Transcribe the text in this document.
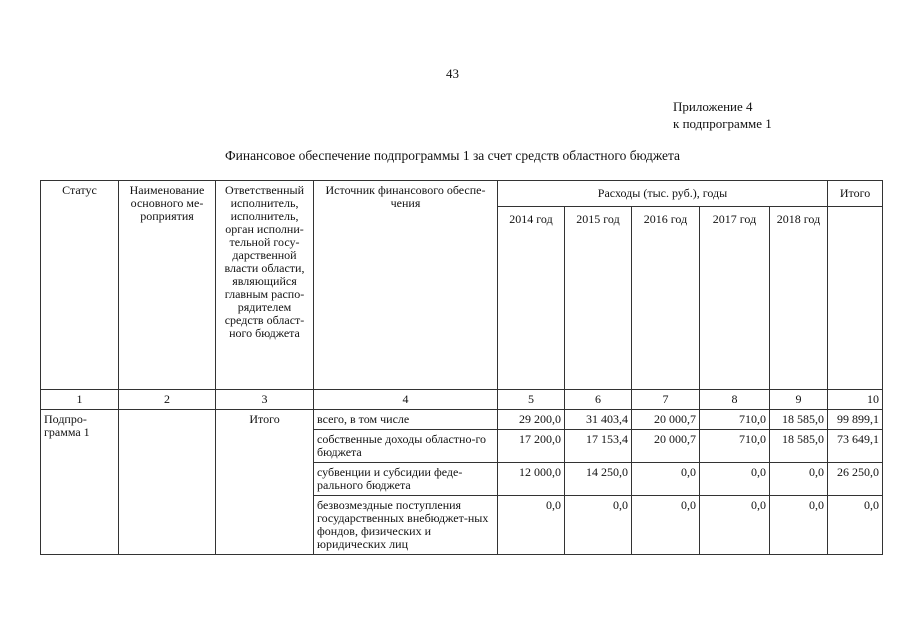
43
Приложение 4
к подпрограмме 1
Финансовое обеспечение подпрограммы 1 за счет средств областного бюджета
Статус	Наименование основного ме-роприятия	Ответственный исполнитель, исполнитель, орган исполни-тельной госу-дарственной власти области, являющийся главным распо-рядителем средств област-ного бюджета	Источник финансового обеспе-чения	Расходы (тыс. руб.), годы					Итого
				2014 год	2015 год	2016 год	2017 год	2018 год	
1	2	3	4	5	6	7	8	9	10
Подпро-грамма 1		Итого	всего, в том числе	29 200,0	31 403,4	20 000,7	710,0	18 585,0	99 899,1
			собственные доходы областно-го бюджета	17 200,0	17 153,4	20 000,7	710,0	18 585,0	73 649,1
			субвенции и субсидии феде-рального бюджета	12 000,0	14 250,0	0,0	0,0	0,0	26 250,0
			безвозмездные поступления государственных внебюджет-ных фондов, физических и юридических лиц	0,0	0,0	0,0	0,0	0,0	0,0
